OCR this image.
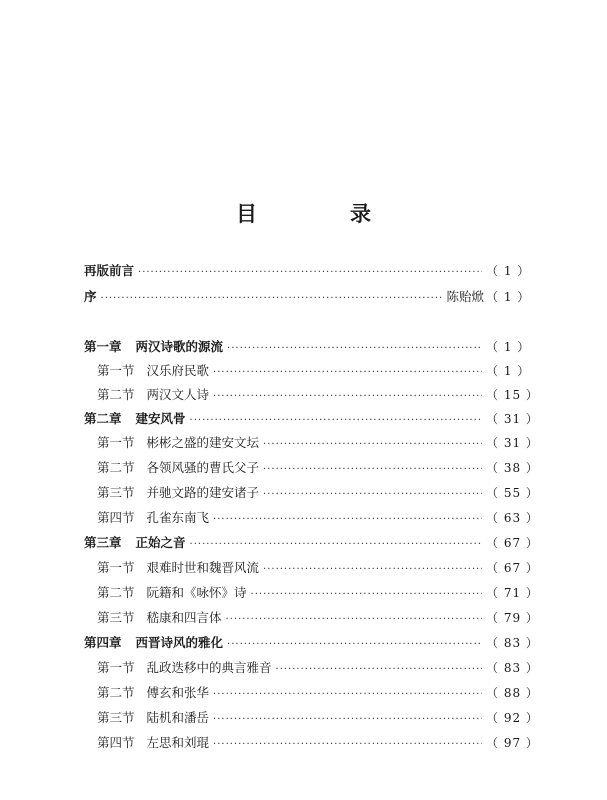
目　录
再版前言 ·····	（ 1 ）
序 ·····	陈贻焮 （ 1 ）
第一章 两汉诗歌的源流 ·····	（ 1 ）
第一节 汉乐府民歌 ·····	（ 1 ）
第二节 两汉文人诗 ·····	（ 15 ）
第二章 建安风骨 ·····	（ 31 ）
第一节 彬彬之盛的建安文坛 ·····	（ 31 ）
第二节 各领风骚的曹氏父子 ·····	（ 38 ）
第三节 并驰文路的建安诸子 ·····	（ 55 ）
第四节 孔雀东南飞 ·····	（ 63 ）
第三章 正始之音 ·····	（ 67 ）
第一节 艰难时世和魏晋风流 ·····	（ 67 ）
第二节 阮籍和《咏怀》诗 ·····	（ 71 ）
第三节 嵇康和四言体 ·····	（ 79 ）
第四章 西晋诗风的雅化 ·····	（ 83 ）
第一节 乱政迭移中的典言雅音 ·····	（ 83 ）
第二节 傅玄和张华 ·····	（ 88 ）
第三节 陆机和潘岳 ·····	（ 92 ）
第四节 左思和刘琨 ·····	（ 97 ）
